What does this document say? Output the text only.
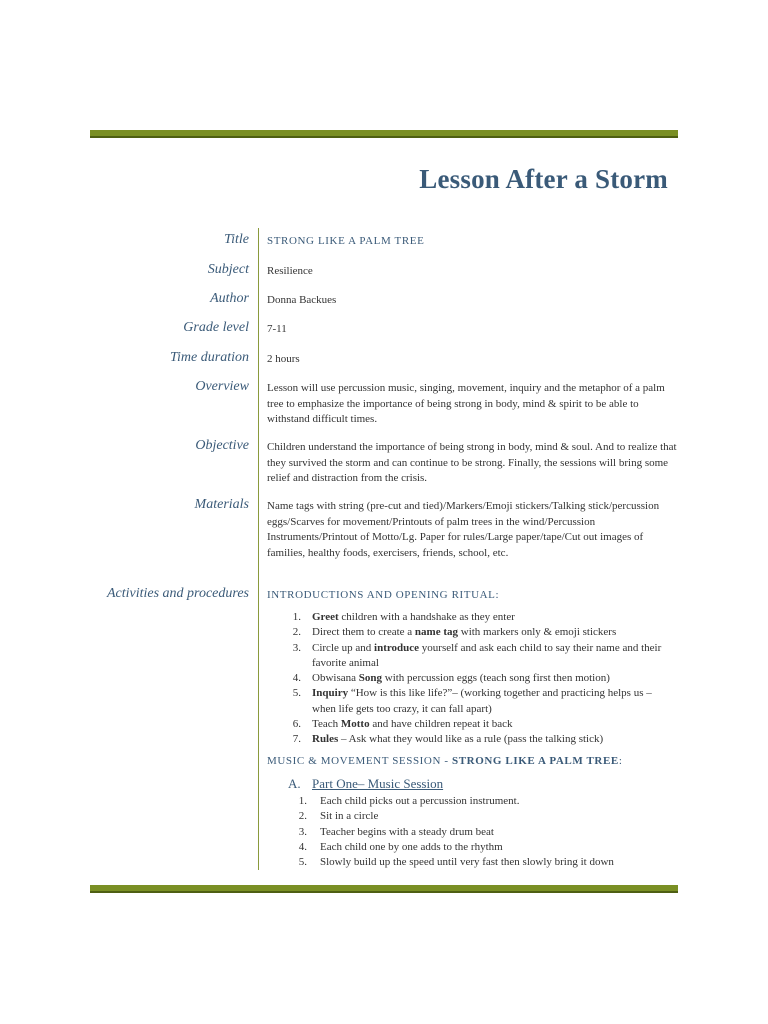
Lesson After a Storm
Title STRONG LIKE A PALM TREE
Subject Resilience
Author Donna Backues
Grade level 7-11
Time duration 2 hours
Overview Lesson will use percussion music, singing, movement, inquiry and the metaphor of a palm tree to emphasize the importance of being strong in body, mind & spirit to be able to withstand difficult times.
Objective Children understand the importance of being strong in body, mind & soul. And to realize that they survived the storm and can continue to be strong. Finally, the sessions will bring some relief and distraction from the crisis.
Materials Name tags with string (pre-cut and tied)/Markers/Emoji stickers/Talking stick/percussion eggs/Scarves for movement/Printouts of palm trees in the wind/Percussion Instruments/Printout of Motto/Lg. Paper for rules/Large paper/tape/Cut out images of families, healthy foods, exercisers, friends, school, etc.
Activities and procedures INTRODUCTIONS AND OPENING RITUAL:
1.	Greet children with a handshake as they enter
2.	Direct them to create a name tag with markers only & emoji stickers
3.	Circle up and introduce yourself and ask each child to say their name and their favorite animal
4.	Obwisana Song with percussion eggs (teach song first then motion)
5.	Inquiry “How is this like life?”– (working together and practicing helps us – when life gets too crazy, it can fall apart)
6.	Teach Motto and have children repeat it back
7.	Rules – Ask what they would like as a rule (pass the talking stick)
MUSIC & MOVEMENT SESSION - STRONG LIKE A PALM TREE:
A. Part One– Music Session
1.	Each child picks out a percussion instrument.
2.	Sit in a circle
3.	Teacher begins with a steady drum beat
4.	Each child one by one adds to the rhythm
5.	Slowly build up the speed until very fast then slowly bring it down
